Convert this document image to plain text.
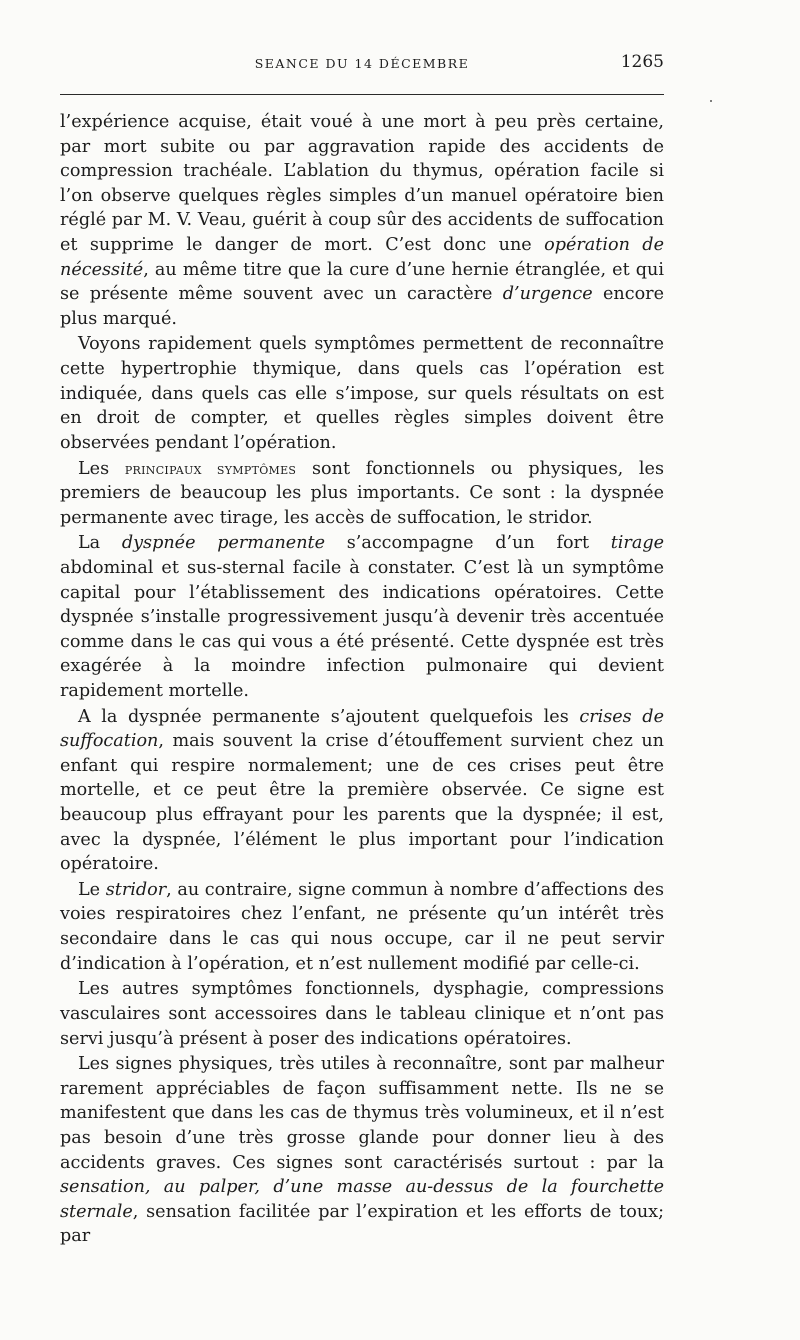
SEANCE DU 14 DÉCEMBRE	1265

l’expérience acquise, était voué à une mort à peu près certaine, par mort subite ou par aggravation rapide des accidents de compression trachéale. L’ablation du thymus, opération facile si l’on observe quelques règles simples d’un manuel opératoire bien réglé par M. V. Veau, guérit à coup sûr des accidents de suffocation et supprime le danger de mort. C’est donc une opération de nécessité, au même titre que la cure d’une hernie étranglée, et qui se présente même souvent avec un caractère d’urgence encore plus marqué.

Voyons rapidement quels symptômes permettent de reconnaître cette hypertrophie thymique, dans quels cas l’opération est indiquée, dans quels cas elle s’impose, sur quels résultats on est en droit de compter, et quelles règles simples doivent être observées pendant l’opération.

Les principaux symptômes sont fonctionnels ou physiques, les premiers de beaucoup les plus importants. Ce sont : la dyspnée permanente avec tirage, les accès de suffocation, le stridor.

La dyspnée permanente s’accompagne d’un fort tirage abdominal et sus-sternal facile à constater. C’est là un symptôme capital pour l’établissement des indications opératoires. Cette dyspnée s’installe progressivement jusqu’à devenir très accentuée comme dans le cas qui vous a été présenté. Cette dyspnée est très exagérée à la moindre infection pulmonaire qui devient rapidement mortelle.

A la dyspnée permanente s’ajoutent quelquefois les crises de suffocation, mais souvent la crise d’étouffement survient chez un enfant qui respire normalement; une de ces crises peut être mortelle, et ce peut être la première observée. Ce signe est beaucoup plus effrayant pour les parents que la dyspnée; il est, avec la dyspnée, l’élément le plus important pour l’indication opératoire.

Le stridor, au contraire, signe commun à nombre d’affections des voies respiratoires chez l’enfant, ne présente qu’un intérêt très secondaire dans le cas qui nous occupe, car il ne peut servir d’indication à l’opération, et n’est nullement modifié par celle-ci.

Les autres symptômes fonctionnels, dysphagie, compressions vasculaires sont accessoires dans le tableau clinique et n’ont pas servi jusqu’à présent à poser des indications opératoires.

Les signes physiques, très utiles à reconnaître, sont par malheur rarement appréciables de façon suffisamment nette. Ils ne se manifestent que dans les cas de thymus très volumineux, et il n’est pas besoin d’une très grosse glande pour donner lieu à des accidents graves. Ces signes sont caractérisés surtout : par la sensation, au palper, d’une masse au-dessus de la fourchette sternale, sensation facilitée par l’expiration et les efforts de toux; par
